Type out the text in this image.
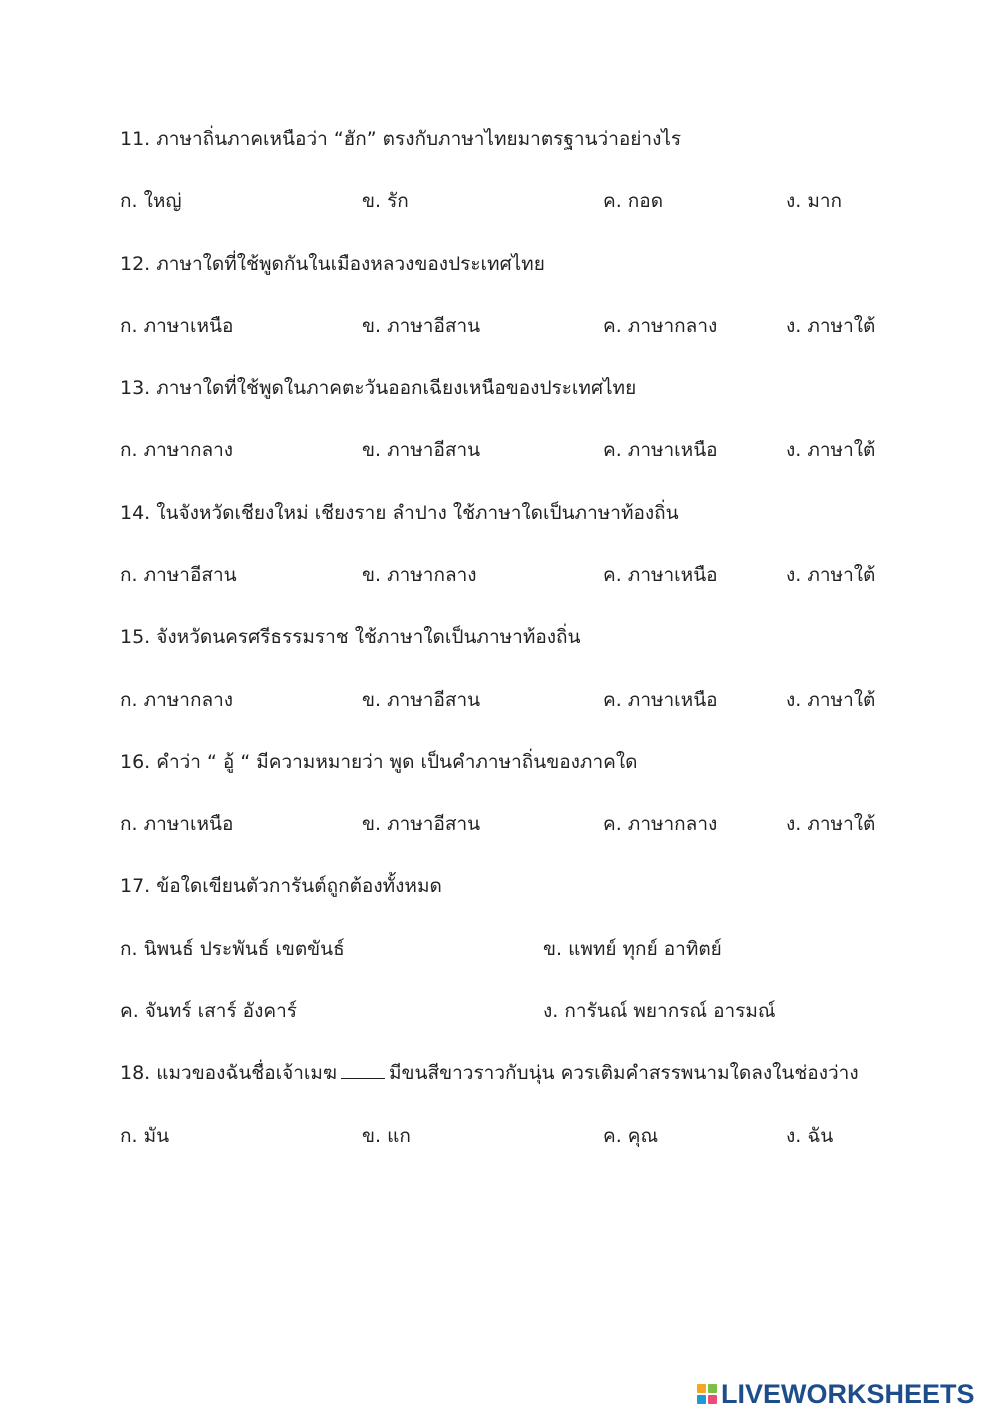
11. ภาษาถิ่นภาคเหนือว่า “ฮัก” ตรงกับภาษาไทยมาตรฐานว่าอย่างไร
ก. ใหญ่	ข. รัก	ค. กอด	ง. มาก
12. ภาษาใดที่ใช้พูดกันในเมืองหลวงของประเทศไทย
ก. ภาษาเหนือ	ข. ภาษาอีสาน	ค. ภาษากลาง	ง. ภาษาใต้
13. ภาษาใดที่ใช้พูดในภาคตะวันออกเฉียงเหนือของประเทศไทย
ก. ภาษากลาง	ข. ภาษาอีสาน	ค. ภาษาเหนือ	ง. ภาษาใต้
14. ในจังหวัดเชียงใหม่ เชียงราย ลำปาง ใช้ภาษาใดเป็นภาษาท้องถิ่น
ก. ภาษาอีสาน	ข. ภาษากลาง	ค. ภาษาเหนือ	ง. ภาษาใต้
15. จังหวัดนครศรีธรรมราช ใช้ภาษาใดเป็นภาษาท้องถิ่น
ก. ภาษากลาง	ข. ภาษาอีสาน	ค. ภาษาเหนือ	ง. ภาษาใต้
16. คำว่า “ อู้ “ มีความหมายว่า พูด เป็นคำภาษาถิ่นของภาคใด
ก. ภาษาเหนือ	ข. ภาษาอีสาน	ค. ภาษากลาง	ง. ภาษาใต้
17. ข้อใดเขียนตัวการันต์ถูกต้องทั้งหมด
ก. นิพนธ์ ประพันธ์ เขตขันธ์	ข. แพทย์ ทุกย์ อาทิตย์
ค. จันทร์ เสาร์ อังคาร์	ง. การันณ์ พยากรณ์ อารมณ์
18. แมวของฉันชื่อเจ้าเมฆ	มีขนสีขาวราวกับนุ่น ควรเติมคำสรรพนามใดลงในช่องว่าง
ก. มัน	ข. แก	ค. คุณ	ง. ฉัน
LIVEWORKSHEETS
